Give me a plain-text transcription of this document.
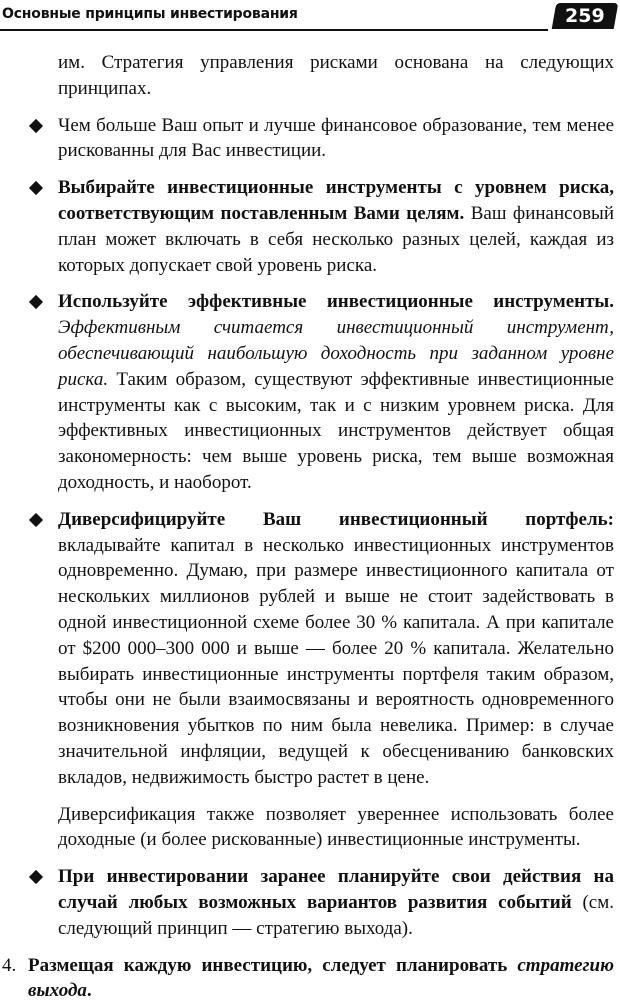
Основные принципы инвестирования	259

им. Стратегия управления рисками основана на следующих принципах.

Чем больше Ваш опыт и лучше финансовое образование, тем менее рискованны для Вас инвестиции.

Выбирайте инвестиционные инструменты с уровнем риска, соответствующим поставленным Вами целям. Ваш финансовый план может включать в себя несколько разных целей, каждая из которых допускает свой уровень риска.

Используйте эффективные инвестиционные инструменты. Эффективным считается инвестиционный инструмент, обеспечивающий наибольшую доходность при заданном уровне риска. Таким образом, существуют эффективные инвестиционные инструменты как с высоким, так и с низким уровнем риска. Для эффективных инвестиционных инструментов действует общая закономерность: чем выше уровень риска, тем выше возможная доходность, и наоборот.

Диверсифицируйте Ваш инвестиционный портфель: вкладывайте капитал в несколько инвестиционных инструментов одновременно. Думаю, при размере инвестиционного капитала от нескольких миллионов рублей и выше не стоит задействовать в одной инвестиционной схеме более 30 % капитала. А при капитале от $200 000–300 000 и выше — более 20 % капитала. Желательно выбирать инвестиционные инструменты портфеля таким образом, чтобы они не были взаимосвязаны и вероятность одновременного возникновения убытков по ним была невелика. Пример: в случае значительной инфляции, ведущей к обесцениванию банковских вкладов, недвижимость быстро растет в цене.

Диверсификация также позволяет увереннее использовать более доходные (и более рискованные) инвестиционные инструменты.

При инвестировании заранее планируйте свои действия на случай любых возможных вариантов развития событий (см. следующий принцип — стратегию выхода).

4. Размещая каждую инвестицию, следует планировать стратегию выхода.
